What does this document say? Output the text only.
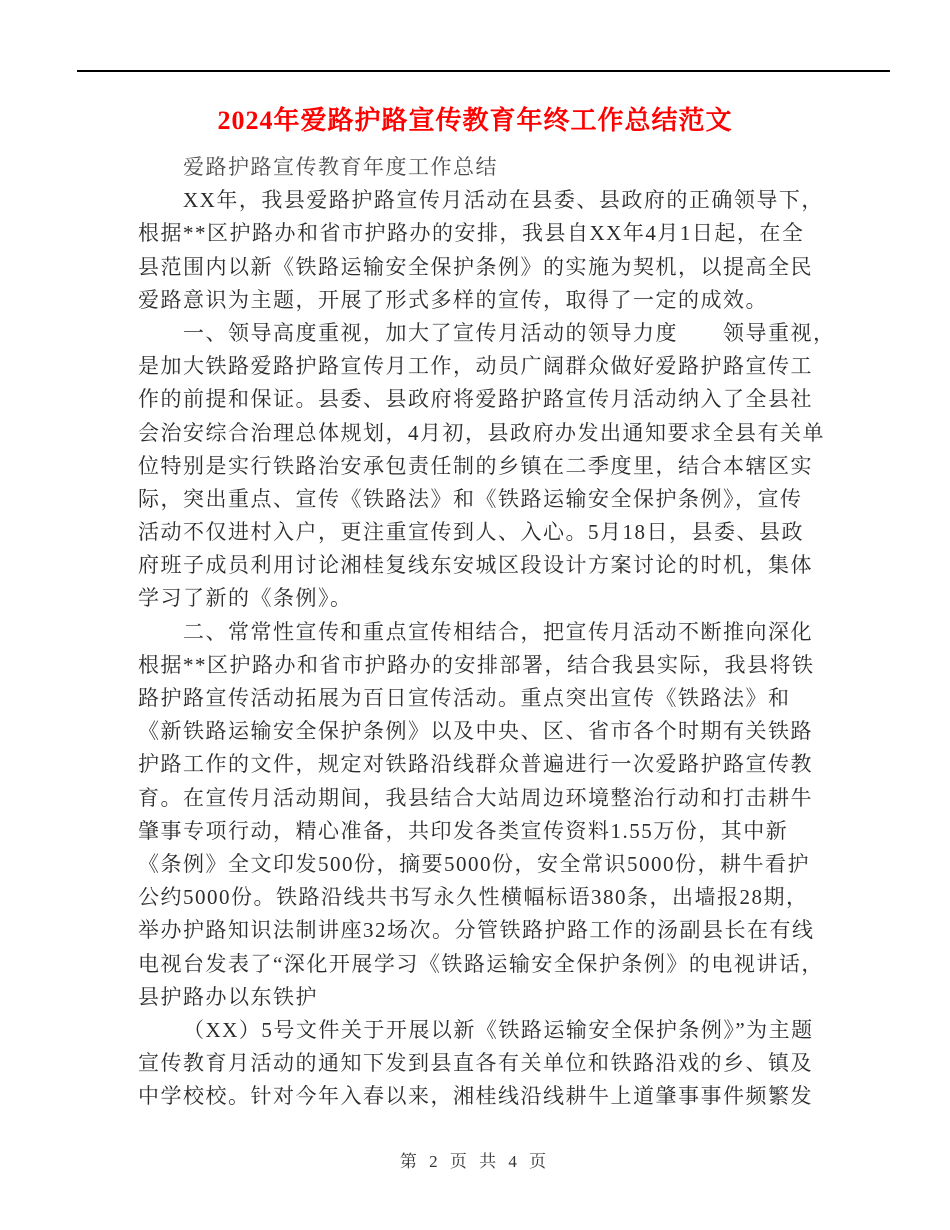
2024年爱路护路宣传教育年终工作总结范文
爱路护路宣传教育年度工作总结
XX年，我县爱路护路宣传月活动在县委、县政府的正确领导下，
根据**区护路办和省市护路办的安排，我县自XX年4月1日起，在全
县范围内以新《铁路运输安全保护条例》的实施为契机，以提高全民
爱路意识为主题，开展了形式多样的宣传，取得了一定的成效。
一、领导高度重视，加大了宣传月活动的领导力度　　领导重视，
是加大铁路爱路护路宣传月工作，动员广阔群众做好爱路护路宣传工
作的前提和保证。县委、县政府将爱路护路宣传月活动纳入了全县社
会治安综合治理总体规划，4月初，县政府办发出通知要求全县有关单
位特别是实行铁路治安承包责任制的乡镇在二季度里，结合本辖区实
际，突出重点、宣传《铁路法》和《铁路运输安全保护条例》，宣传
活动不仅进村入户，更注重宣传到人、入心。5月18日，县委、县政
府班子成员利用讨论湘桂复线东安城区段设计方案讨论的时机，集体
学习了新的《条例》。
二、常常性宣传和重点宣传相结合，把宣传月活动不断推向深化
根据**区护路办和省市护路办的安排部署，结合我县实际，我县将铁
路护路宣传活动拓展为百日宣传活动。重点突出宣传《铁路法》和
《新铁路运输安全保护条例》以及中央、区、省市各个时期有关铁路
护路工作的文件，规定对铁路沿线群众普遍进行一次爱路护路宣传教
育。在宣传月活动期间，我县结合大站周边环境整治行动和打击耕牛
肇事专项行动，精心准备，共印发各类宣传资料1.55万份，其中新
《条例》全文印发500份，摘要5000份，安全常识5000份，耕牛看护
公约5000份。铁路沿线共书写永久性横幅标语380条，出墙报28期，
举办护路知识法制讲座32场次。分管铁路护路工作的汤副县长在有线
电视台发表了“深化开展学习《铁路运输安全保护条例》的电视讲话，
县护路办以东铁护
（XX）5号文件关于开展以新《铁路运输安全保护条例》”为主题
宣传教育月活动的通知下发到县直各有关单位和铁路沿戏的乡、镇及
中学校校。针对今年入春以来，湘桂线沿线耕牛上道肇事事件频繁发
第 2 页 共 4 页
